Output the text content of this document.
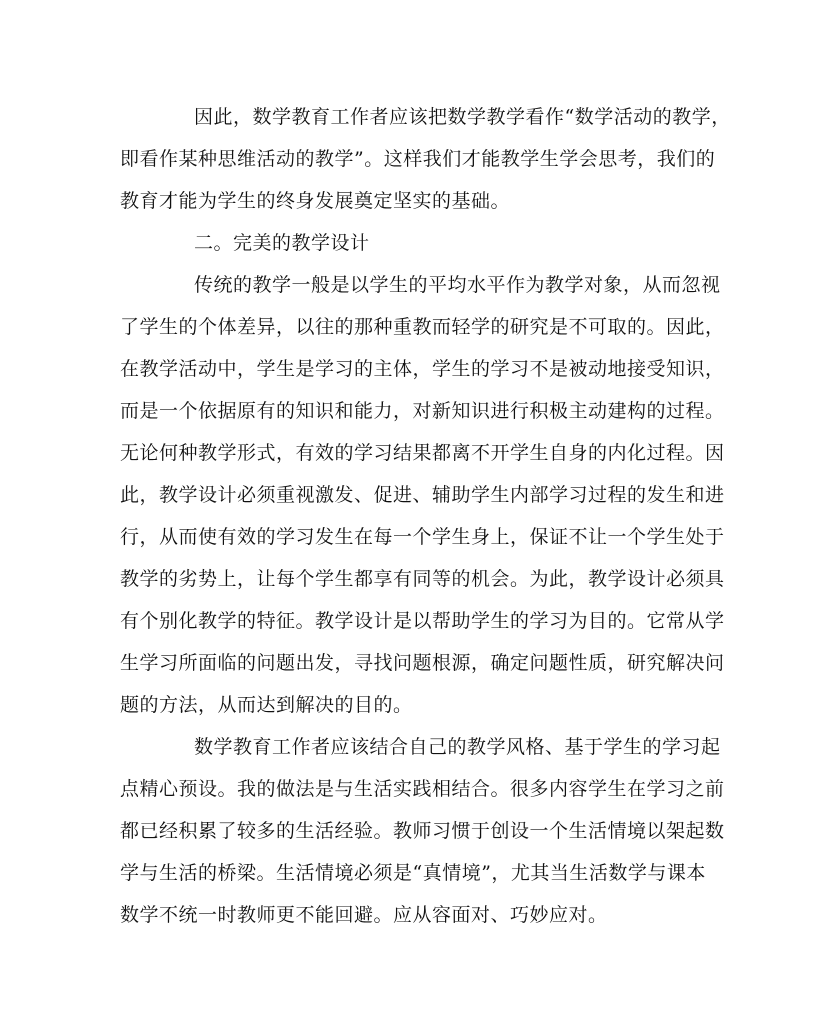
因此，数学教育工作者应该把数学教学看作“数学活动的教学，
即看作某种思维活动的教学”。这样我们才能教学生学会思考，我们的
教育才能为学生的终身发展奠定坚实的基础。
二。完美的教学设计
传统的教学一般是以学生的平均水平作为教学对象，从而忽视
了学生的个体差异，以往的那种重教而轻学的研究是不可取的。因此，
在教学活动中，学生是学习的主体，学生的学习不是被动地接受知识，
而是一个依据原有的知识和能力，对新知识进行积极主动建构的过程。
无论何种教学形式，有效的学习结果都离不开学生自身的内化过程。因
此，教学设计必须重视激发、促进、辅助学生内部学习过程的发生和进
行，从而使有效的学习发生在每一个学生身上，保证不让一个学生处于
教学的劣势上，让每个学生都享有同等的机会。为此，教学设计必须具
有个别化教学的特征。教学设计是以帮助学生的学习为目的。它常从学
生学习所面临的问题出发，寻找问题根源，确定问题性质，研究解决问
题的方法，从而达到解决的目的。
数学教育工作者应该结合自己的教学风格、基于学生的学习起
点精心预设。我的做法是与生活实践相结合。很多内容学生在学习之前
都已经积累了较多的生活经验。教师习惯于创设一个生活情境以架起数
学与生活的桥梁。生活情境必须是“真情境”，尤其当生活数学与课本
数学不统一时教师更不能回避。应从容面对、巧妙应对。
